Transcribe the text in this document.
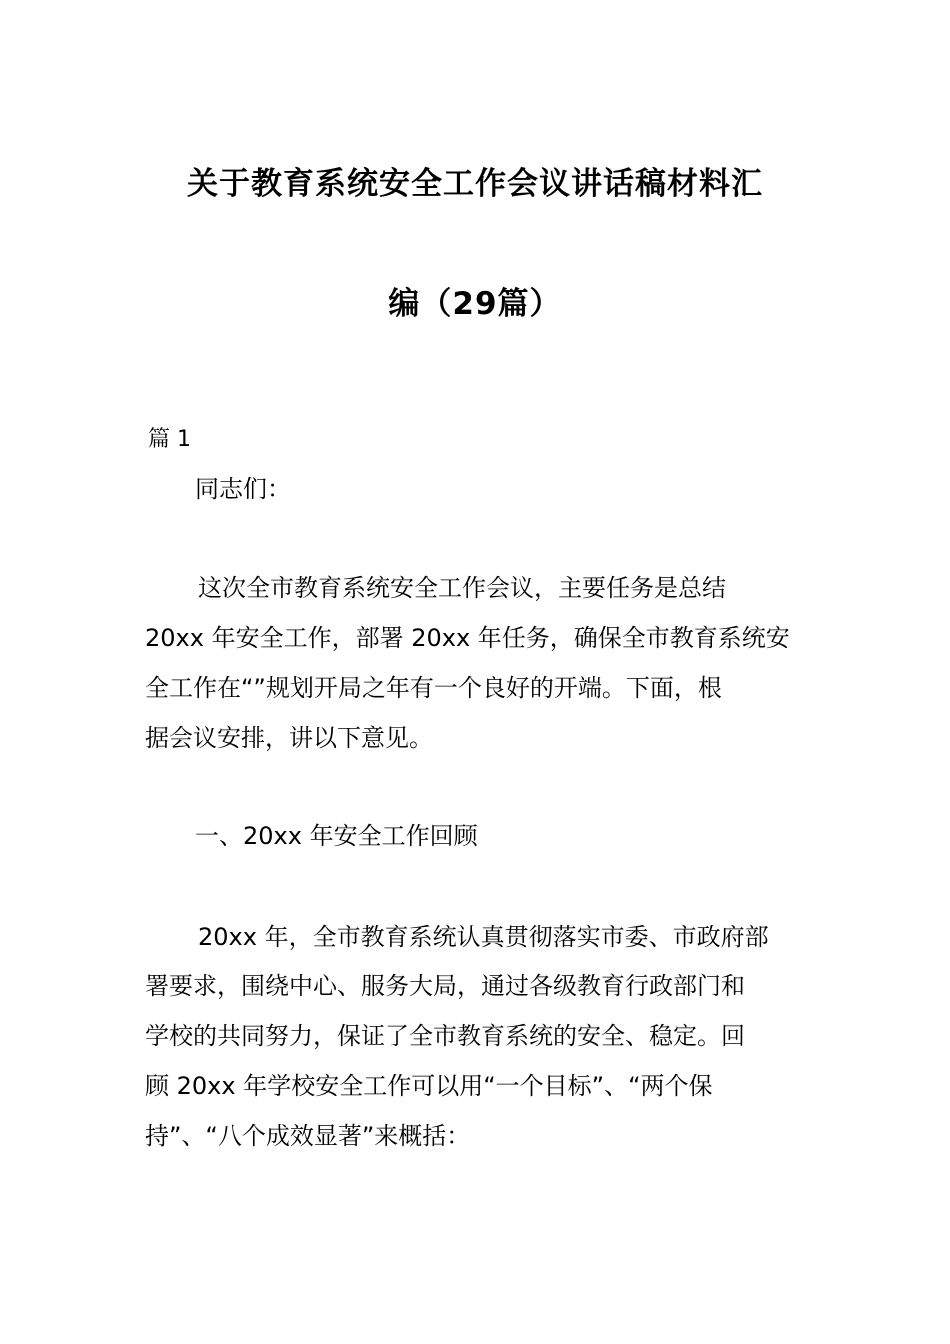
关于教育系统安全工作会议讲话稿材料汇
编（29篇）
篇 1
同志们：
这次全市教育系统安全工作会议，主要任务是总结
20xx 年安全工作，部署 20xx 年任务，确保全市教育系统安
全工作在“”规划开局之年有一个良好的开端。下面，根
据会议安排，讲以下意见。
一、20xx 年安全工作回顾
20xx 年，全市教育系统认真贯彻落实市委、市政府部
署要求，围绕中心、服务大局，通过各级教育行政部门和
学校的共同努力，保证了全市教育系统的安全、稳定。回
顾 20xx 年学校安全工作可以用“一个目标”、“两个保
持”、“八个成效显著”来概括：
